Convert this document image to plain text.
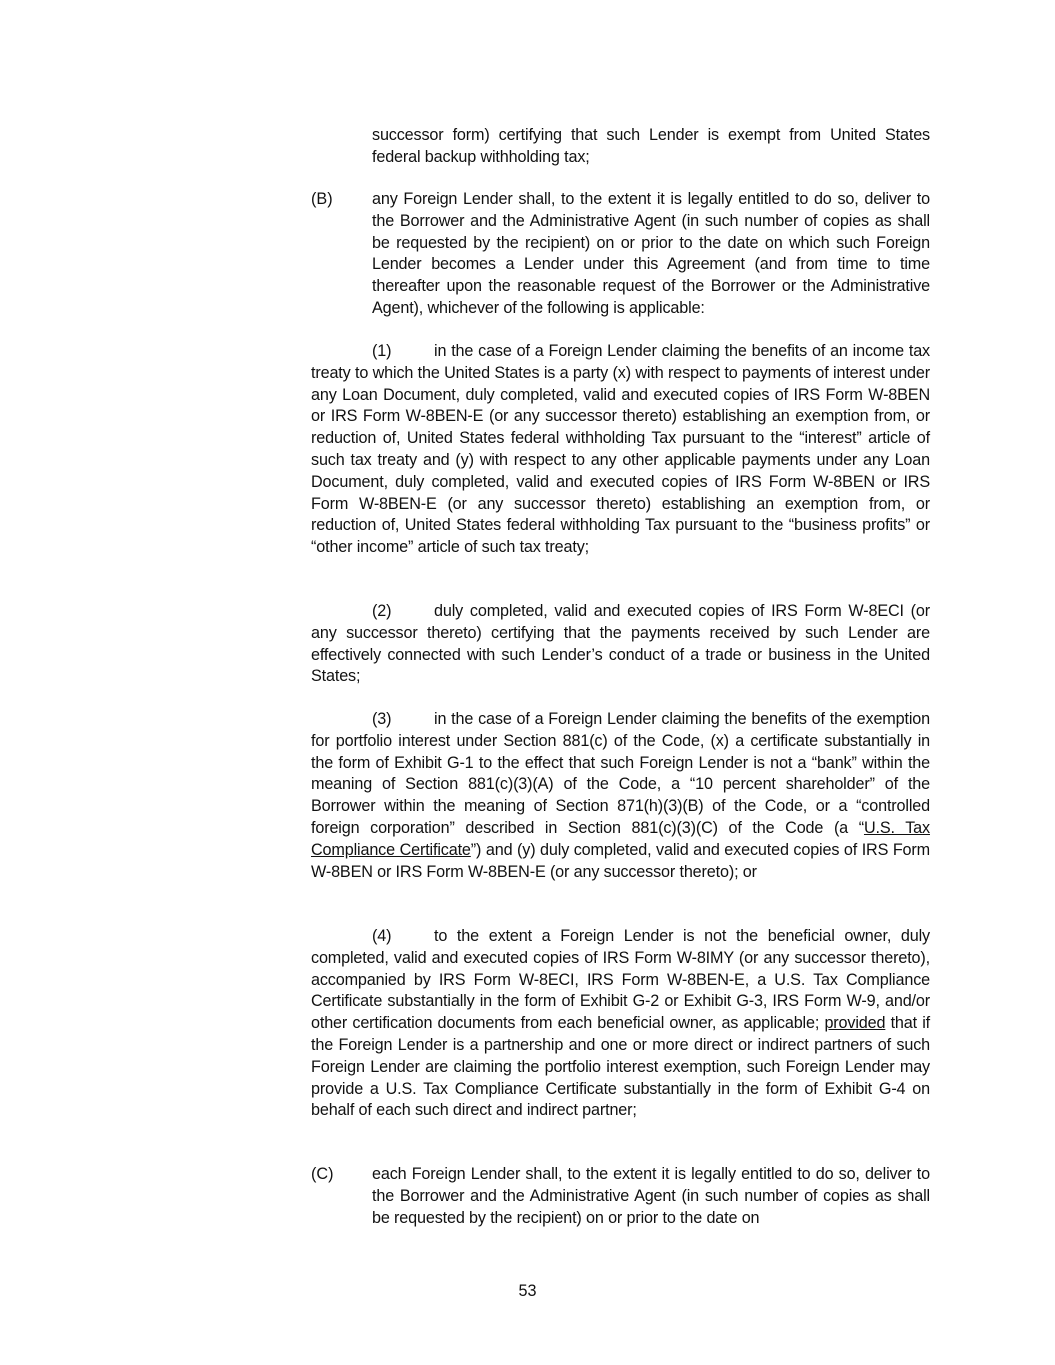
successor form) certifying that such Lender is exempt from United States federal backup withholding tax;
(B) any Foreign Lender shall, to the extent it is legally entitled to do so, deliver to the Borrower and the Administrative Agent (in such number of copies as shall be requested by the recipient) on or prior to the date on which such Foreign Lender becomes a Lender under this Agreement (and from time to time thereafter upon the reasonable request of the Borrower or the Administrative Agent), whichever of the following is applicable:
(1)	in the case of a Foreign Lender claiming the benefits of an income tax treaty to which the United States is a party (x) with respect to payments of interest under any Loan Document, duly completed, valid and executed copies of IRS Form W-8BEN or IRS Form W-8BEN-E (or any successor thereto) establishing an exemption from, or reduction of, United States federal withholding Tax pursuant to the “interest” article of such tax treaty and (y) with respect to any other applicable payments under any Loan Document, duly completed, valid and executed copies of IRS Form W-8BEN or IRS Form W-8BEN-E (or any successor thereto) establishing an exemption from, or reduction of, United States federal withholding Tax pursuant to the “business profits” or “other income” article of such tax treaty;
(2)	duly completed, valid and executed copies of IRS Form W-8ECI (or any successor thereto) certifying that the payments received by such Lender are effectively connected with such Lender’s conduct of a trade or business in the United States;
(3)	in the case of a Foreign Lender claiming the benefits of the exemption for portfolio interest under Section 881(c) of the Code, (x) a certificate substantially in the form of Exhibit G-1 to the effect that such Foreign Lender is not a “bank” within the meaning of Section 881(c)(3)(A) of the Code, a “10 percent shareholder” of the Borrower within the meaning of Section 871(h)(3)(B) of the Code, or a “controlled foreign corporation” described in Section 881(c)(3)(C) of the Code (a “U.S. Tax Compliance Certificate”) and (y) duly completed, valid and executed copies of IRS Form W-8BEN or IRS Form W-8BEN-E (or any successor thereto); or
(4)	to the extent a Foreign Lender is not the beneficial owner, duly completed, valid and executed copies of IRS Form W-8IMY (or any successor thereto), accompanied by IRS Form W-8ECI, IRS Form W-8BEN-E, a U.S. Tax Compliance Certificate substantially in the form of Exhibit G-2 or Exhibit G-3, IRS Form W-9, and/or other certification documents from each beneficial owner, as applicable; provided that if the Foreign Lender is a partnership and one or more direct or indirect partners of such Foreign Lender are claiming the portfolio interest exemption, such Foreign Lender may provide a U.S. Tax Compliance Certificate substantially in the form of Exhibit G-4 on behalf of each such direct and indirect partner;
(C) each Foreign Lender shall, to the extent it is legally entitled to do so, deliver to the Borrower and the Administrative Agent (in such number of copies as shall be requested by the recipient) on or prior to the date on
53
